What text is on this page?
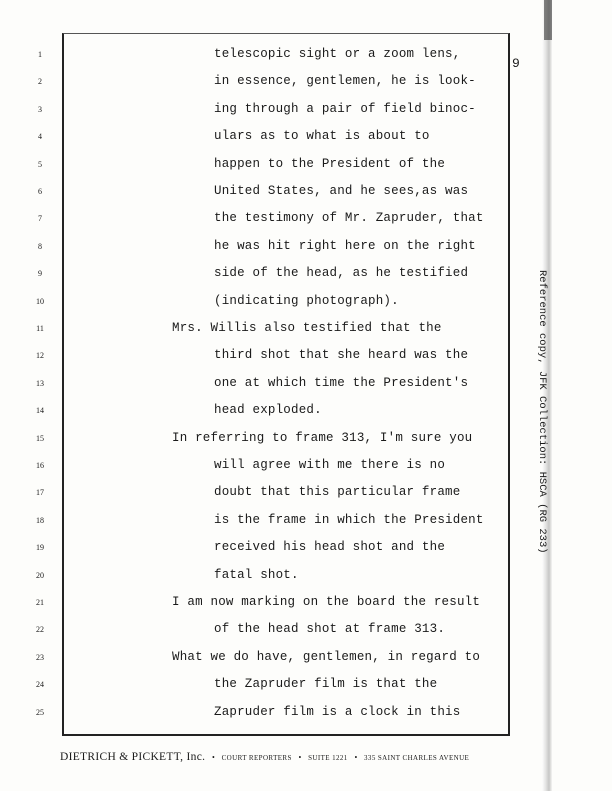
9
1	telescopic sight or a zoom lens,
2	in essence, gentlemen, he is look-
3	ing through a pair of field binoc-
4	ulars as to what is about to
5	happen to the President of the
6	United States, and he sees,as was
7	the testimony of Mr. Zapruder, that
8	he was hit right here on the right
9	side of the head, as he testified
10	(indicating photograph).
11	Mrs. Willis also testified that the
12	third shot that she heard was the
13	one at which time the President's
14	head exploded.
15	In referring to frame 313, I'm sure you
16	will agree with me there is no
17	doubt that this particular frame
18	is the frame in which the President
19	received his head shot and the
20	fatal shot.
21	I am now marking on the board the result
22	of the head shot at frame 313.
23	What we do have, gentlemen, in regard to
24	the Zapruder film is that the
25	Zapruder film is a clock in this
Reference copy, JFK Collection: HSCA (RG 233)
DIETRICH & PICKETT, Inc. • COURT REPORTERS • SUITE 1221 • 335 SAINT CHARLES AVENUE
